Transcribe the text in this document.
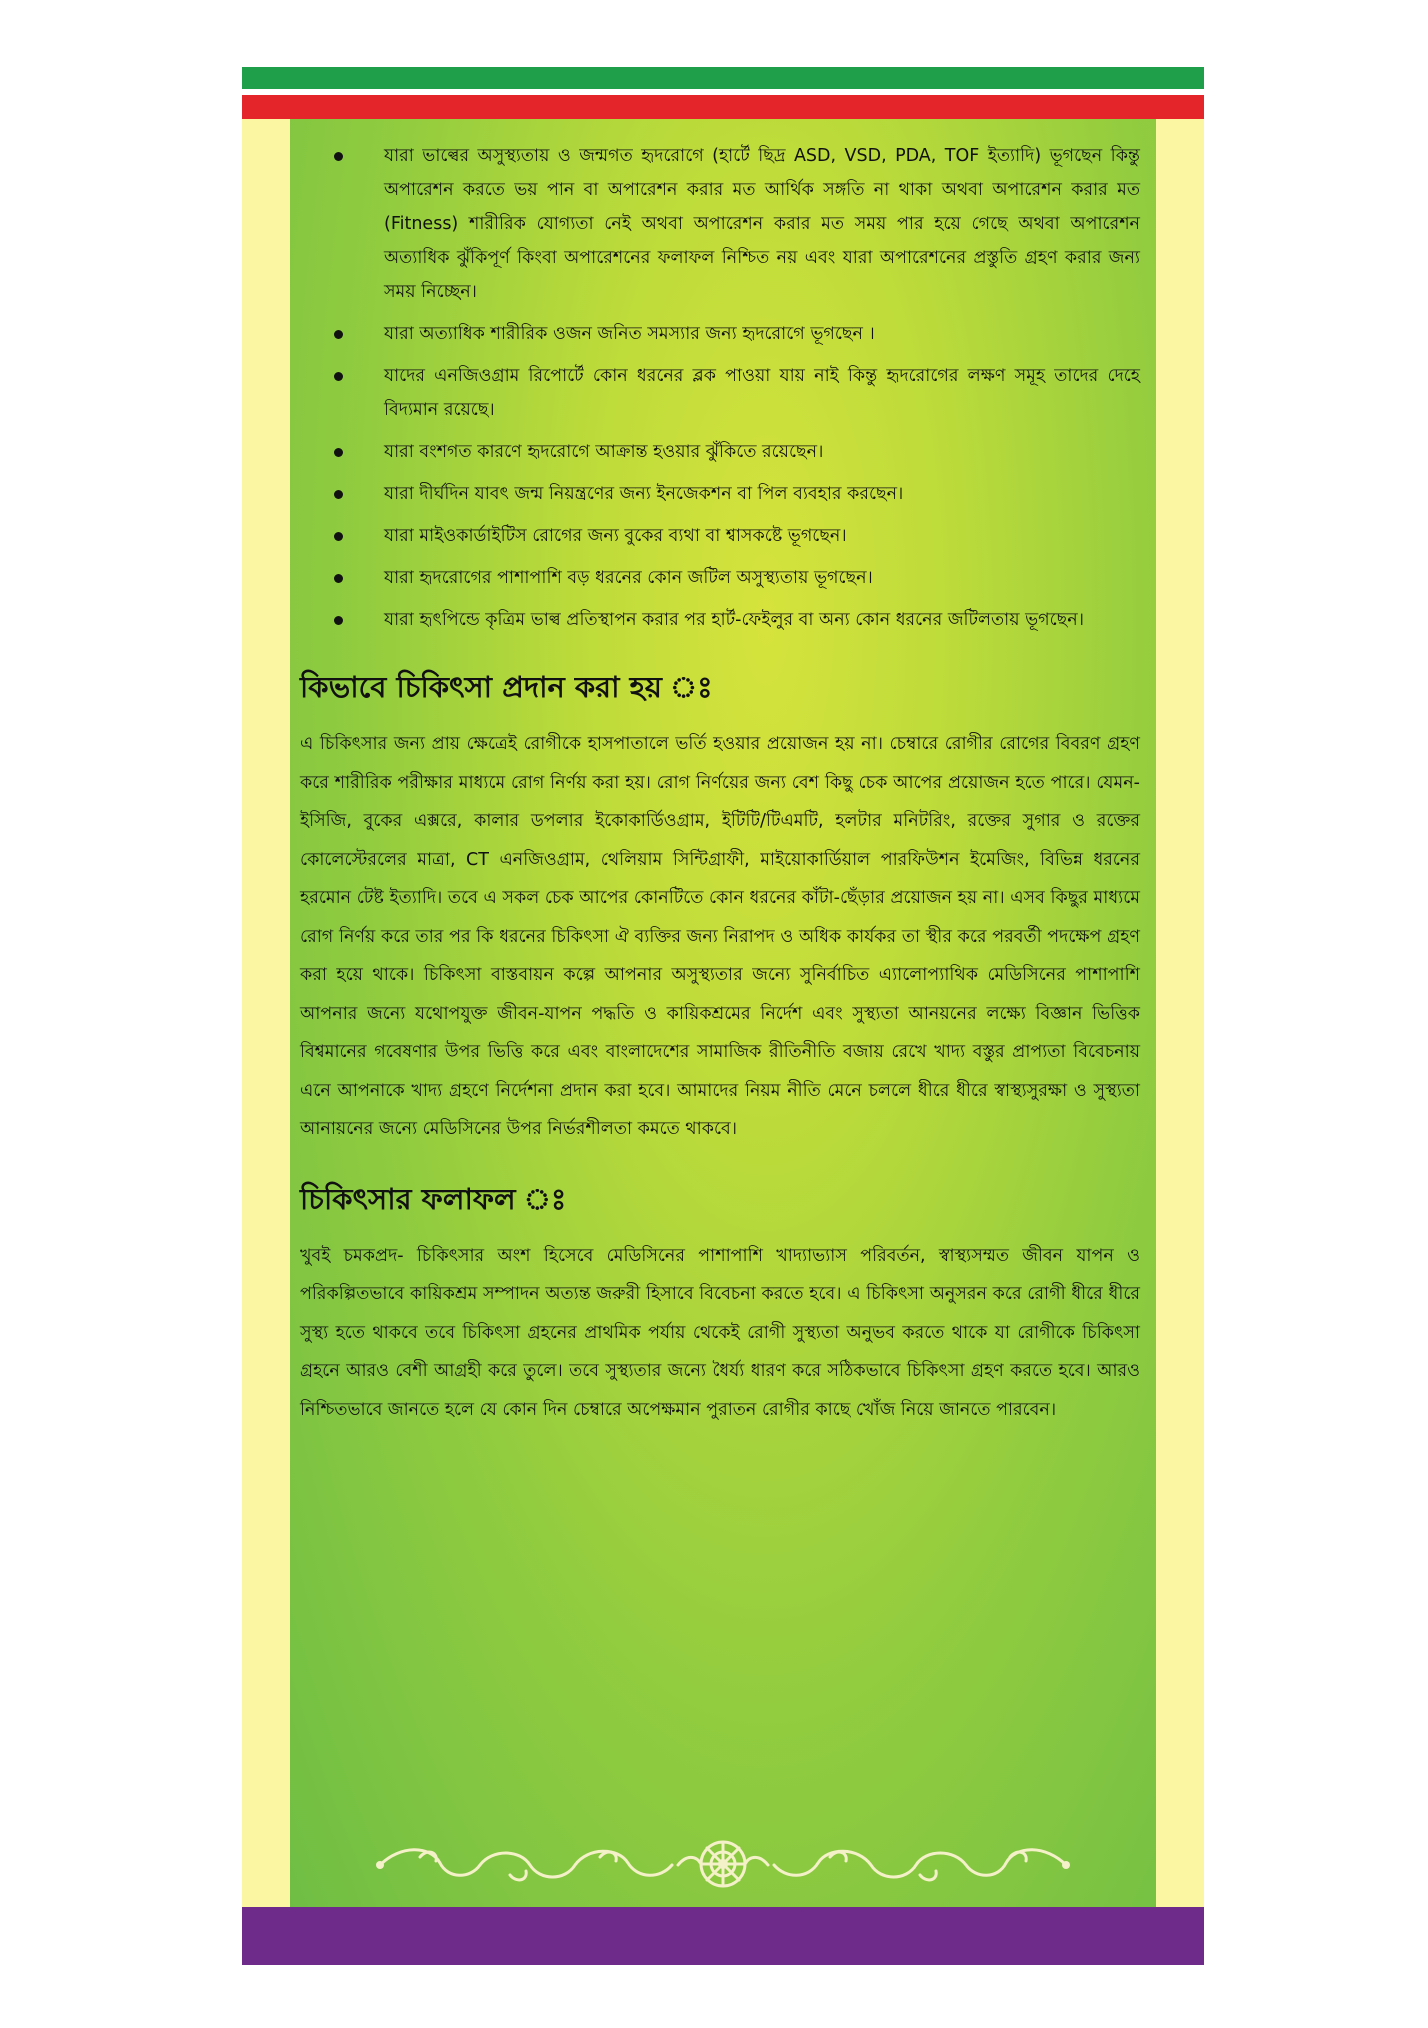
যারা ভাল্বের অসুস্থ্যতায় ও জন্মগত হৃদরোগে (হার্টে ছিদ্র ASD, VSD, PDA, TOF ইত্যাদি) ভূগছেন কিন্তু অপারেশন করতে ভয় পান বা অপারেশন করার মত আর্থিক সঙ্গতি না থাকা অথবা অপারেশন করার মত (Fitness) শারীরিক যোগ্যতা নেই অথবা অপারেশন করার মত সময় পার হয়ে গেছে অথবা অপারেশন অত্যাধিক ঝুঁকিপূর্ণ কিংবা অপারেশনের ফলাফল নিশ্চিত নয় এবং যারা অপারেশনের প্রস্তুতি গ্রহণ করার জন্য সময় নিচ্ছেন।
যারা অত্যাধিক শারীরিক ওজন জনিত সমস্যার জন্য হৃদরোগে ভূগছেন ।
যাদের এনজিওগ্রাম রিপোর্টে কোন ধরনের ব্লক পাওয়া যায় নাই কিন্তু হৃদরোগের লক্ষণ সমূহ তাদের দেহে বিদ্যমান রয়েছে।
যারা বংশগত কারণে হৃদরোগে আক্রান্ত হওয়ার ঝুঁকিতে রয়েছেন।
যারা দীর্ঘদিন যাবৎ জন্ম নিয়ন্ত্রণের জন্য ইনজেকশন বা পিল ব্যবহার করছেন।
যারা মাইওকার্ডাইটিস রোগের জন্য বুকের ব্যথা বা শ্বাসকষ্টে ভূগছেন।
যারা হৃদরোগের পাশাপাশি বড় ধরনের কোন জটিল অসুস্থ্যতায় ভূগছেন।
যারা হৃৎপিন্ডে কৃত্রিম ভাল্ব প্রতিস্থাপন করার পর হার্ট-ফেইলুর বা অন্য কোন ধরনের জটিলতায় ভূগছেন।
কিভাবে চিকিৎসা প্রদান করা হয় ঃ

এ চিকিৎসার জন্য প্রায় ক্ষেত্রেই রোগীকে হাসপাতালে ভর্তি হওয়ার প্রয়োজন হয় না। চেম্বারে রোগীর রোগের বিবরণ গ্রহণ করে শারীরিক পরীক্ষার মাধ্যমে রোগ নির্ণয় করা হয়। রোগ নির্ণয়ের জন্য বেশ কিছু চেক আপের প্রয়োজন হতে পারে। যেমন- ইসিজি, বুকের এক্সরে, কালার ডপলার ইকোকার্ডিওগ্রাম, ইটিটি/টিএমটি, হলটার মনিটরিং, রক্তের সুগার ও রক্তের কোলেস্টেরলের মাত্রা, CT এনজিওগ্রাম, থেলিয়াম সিন্টিগ্রাফী, মাইয়োকার্ডিয়াল পারফিউশন ইমেজিং, বিভিন্ন ধরনের হরমোন টেষ্ট ইত্যাদি। তবে এ সকল চেক আপের কোনটিতে কোন ধরনের কাঁটা-ছেঁড়ার প্রয়োজন হয় না। এসব কিছুর মাধ্যমে রোগ নির্ণয় করে তার পর কি ধরনের চিকিৎসা ঐ ব্যক্তির জন্য নিরাপদ ও অধিক কার্যকর তা স্থীর করে পরবর্তী পদক্ষেপ গ্রহণ করা হয়ে থাকে। চিকিৎসা বাস্তবায়ন কল্পে আপনার অসুস্থ্যতার জন্যে সুনির্বাচিত এ্যালোপ্যাথিক মেডিসিনের পাশাপাশি আপনার জন্যে যথোপযুক্ত জীবন-যাপন পদ্ধতি ও কায়িকশ্রমের নির্দেশ এবং সুস্থ্যতা আনয়নের লক্ষ্যে বিজ্ঞান ভিত্তিক বিশ্বমানের গবেষণার উপর ভিত্তি করে এবং বাংলাদেশের সামাজিক রীতিনীতি বজায় রেখে খাদ্য বস্তুর প্রাপ্যতা বিবেচনায় এনে আপনাকে খাদ্য গ্রহণে নির্দেশনা প্রদান করা হবে। আমাদের নিয়ম নীতি মেনে চললে ধীরে ধীরে স্বাস্থ্যসুরক্ষা ও সুস্থ্যতা আনায়নের জন্যে মেডিসিনের উপর নির্ভরশীলতা কমতে থাকবে।

চিকিৎসার ফলাফল ঃ

খুবই চমকপ্রদ- চিকিৎসার অংশ হিসেবে মেডিসিনের পাশাপাশি খাদ্যাভ্যাস পরিবর্তন, স্বাস্থ্যসম্মত জীবন যাপন ও পরিকল্পিতভাবে কায়িকশ্রম সম্পাদন অত্যন্ত জরুরী হিসাবে বিবেচনা করতে হবে। এ চিকিৎসা অনুসরন করে রোগী ধীরে ধীরে সুস্থ্য হতে থাকবে তবে চিকিৎসা গ্রহনের প্রাথমিক পর্যায় থেকেই রোগী সুস্থ্যতা অনুভব করতে থাকে যা রোগীকে চিকিৎসা গ্রহনে আরও বেশী আগ্রহী করে তুলে। তবে সুস্থ্যতার জন্যে ধৈর্য্য ধারণ করে সঠিকভাবে চিকিৎসা গ্রহণ করতে হবে। আরও নিশ্চিতভাবে জানতে হলে যে কোন দিন চেম্বারে অপেক্ষমান পুরাতন রোগীর কাছে খোঁজ নিয়ে জানতে পারবেন।
